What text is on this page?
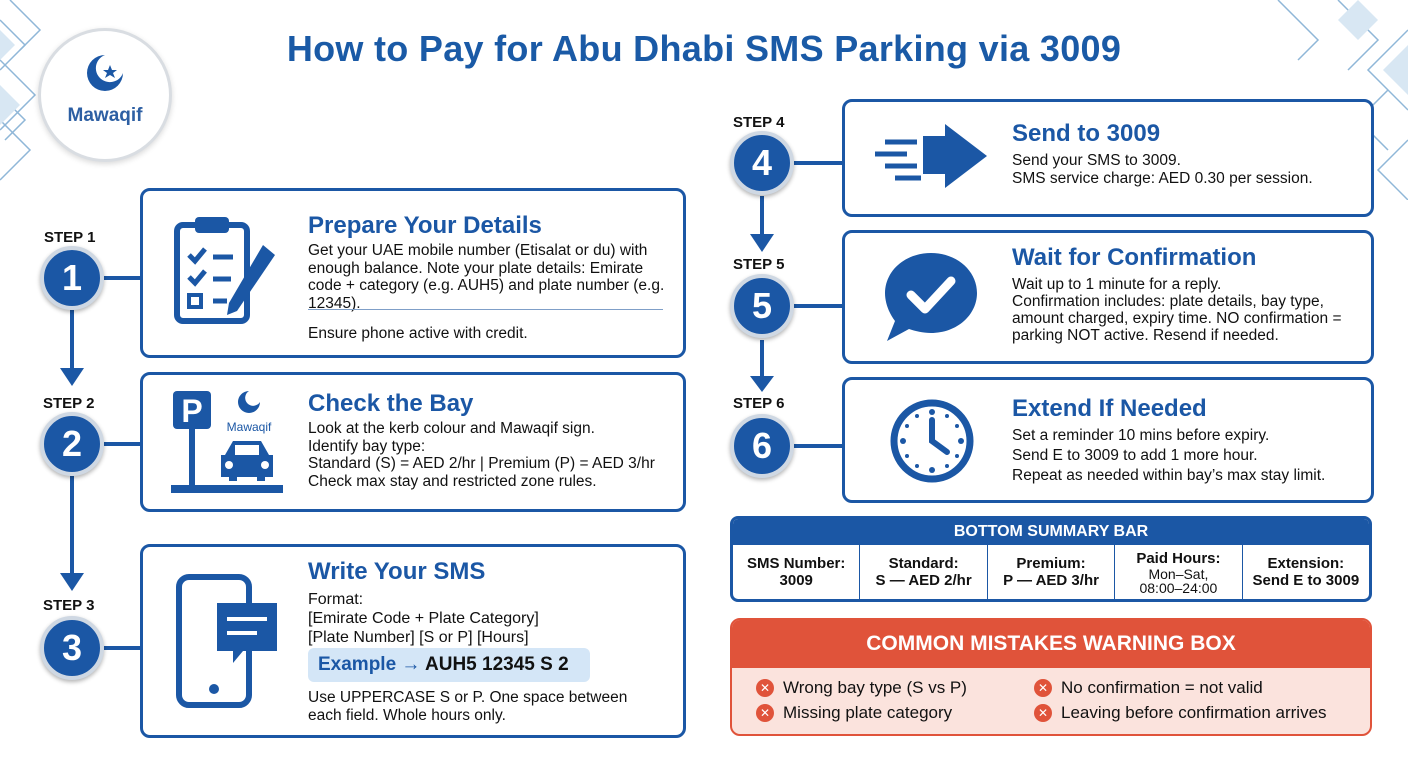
How to Pay for Abu Dhabi SMS Parking via 3009
Mawaqif
STEP 1
1
Prepare Your Details

Get your UAE mobile number (Etisalat or du) with enough balance. Note your plate details: Emirate code + category (e.g. AUH5) and plate number (e.g. 12345).

Ensure phone active with credit.
STEP 2
2
P Mawaqif
Check the Bay

Look at the kerb colour and Mawaqif sign.

Identify bay type:

Standard (S) = AED 2/hr | Premium (P) = AED 3/hr

Check max stay and restricted zone rules.

STEP 3
3
Write Your SMS

Format:

[Emirate Code + Plate Category]

[Plate Number] [S or P] [Hours]

Use UPPERCASE S or P. One space between each field. Whole hours only.
Example → AUH5 12345 S 2
STEP 4
4
Send to 3009

Send your SMS to 3009.

SMS service charge: AED 0.30 per session.

STEP 5
5
Wait for Confirmation

Wait up to 1 minute for a reply.

Confirmation includes: plate details, bay type, amount charged, expiry time. NO confirmation = parking NOT active. Resend if needed.

STEP 6
6
Extend If Needed

Set a reminder 10 mins before expiry.

Send E to 3009 to add 1 more hour.

Repeat as needed within bay’s max stay limit.

BOTTOM SUMMARY BAR
SMS Number:
3009
Standard:
S — AED 2/hr
Premium:
P — AED 3/hr
Paid Hours:
Mon–Sat,
08:00–24:00
Extension:
Send E to 3009
COMMON MISTAKES WARNING BOX
✕ Wrong bay type (S vs P)	✕ No confirmation = not valid
✕ Missing plate category	✕ Leaving before confirmation arrives
